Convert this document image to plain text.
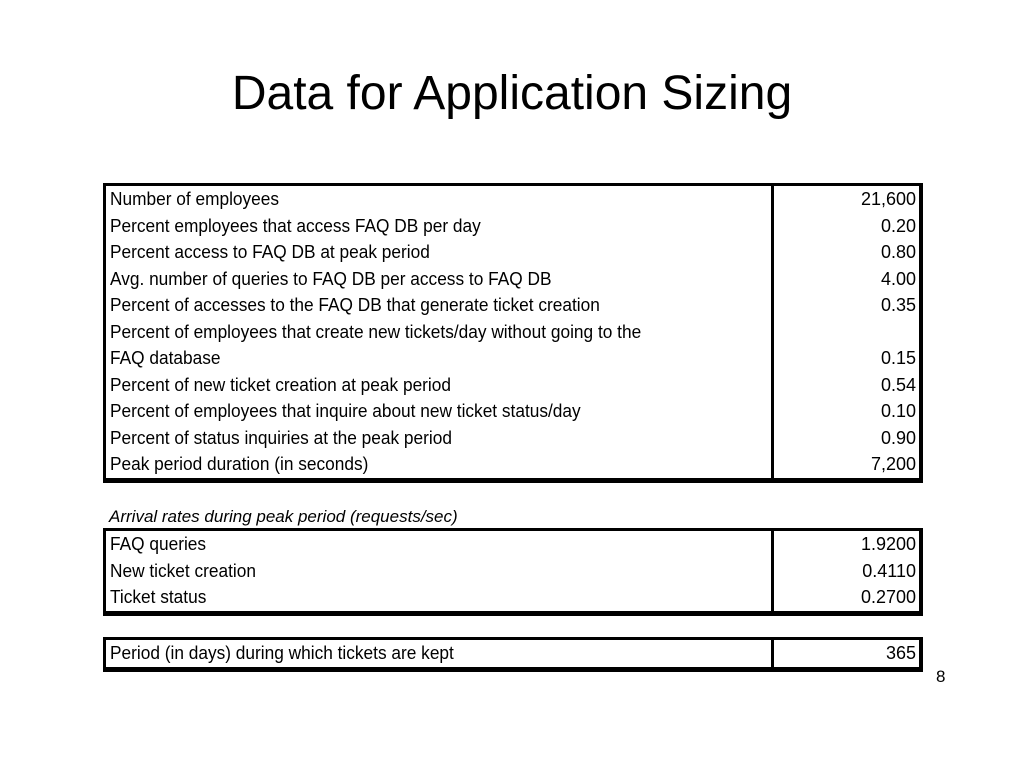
Data for Application Sizing
Number of employees	21,600
Percent employees that access FAQ DB per day	0.20
Percent access to FAQ DB at peak period	0.80
Avg. number of queries to FAQ DB per access to FAQ DB	4.00
Percent of accesses to the FAQ DB that generate ticket creation	0.35
Percent of employees that create new tickets/day without going to the
FAQ database	0.15
Percent of new ticket creation at peak period	0.54
Percent of employees that inquire about new ticket status/day	0.10
Percent of status inquiries at the peak period	0.90
Peak period duration (in seconds)	7,200
Arrival rates during peak period (requests/sec)
FAQ queries	1.9200
New ticket creation	0.4110
Ticket status	0.2700
Period (in days) during which tickets are kept	365
8
